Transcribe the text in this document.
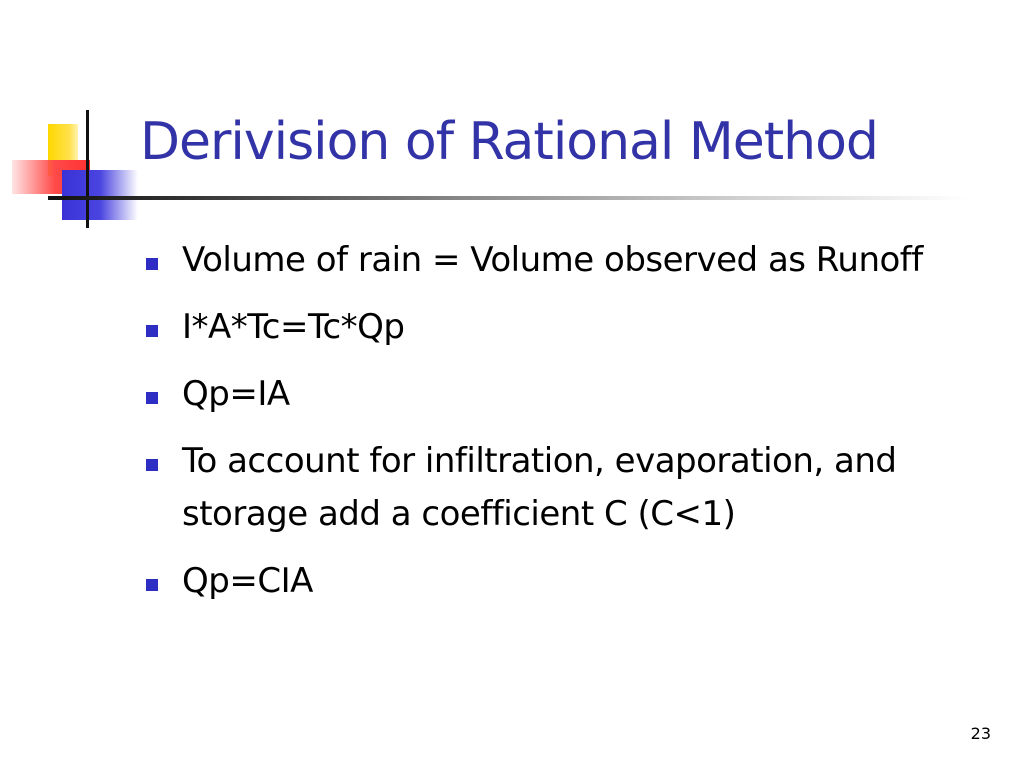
Derivision of Rational Method
Volume of rain = Volume observed as Runoff
I*A*Tc=Tc*Qp
Qp=IA
To account for infiltration, evaporation, and storage add a coefficient C (C<1)
Qp=CIA
23
